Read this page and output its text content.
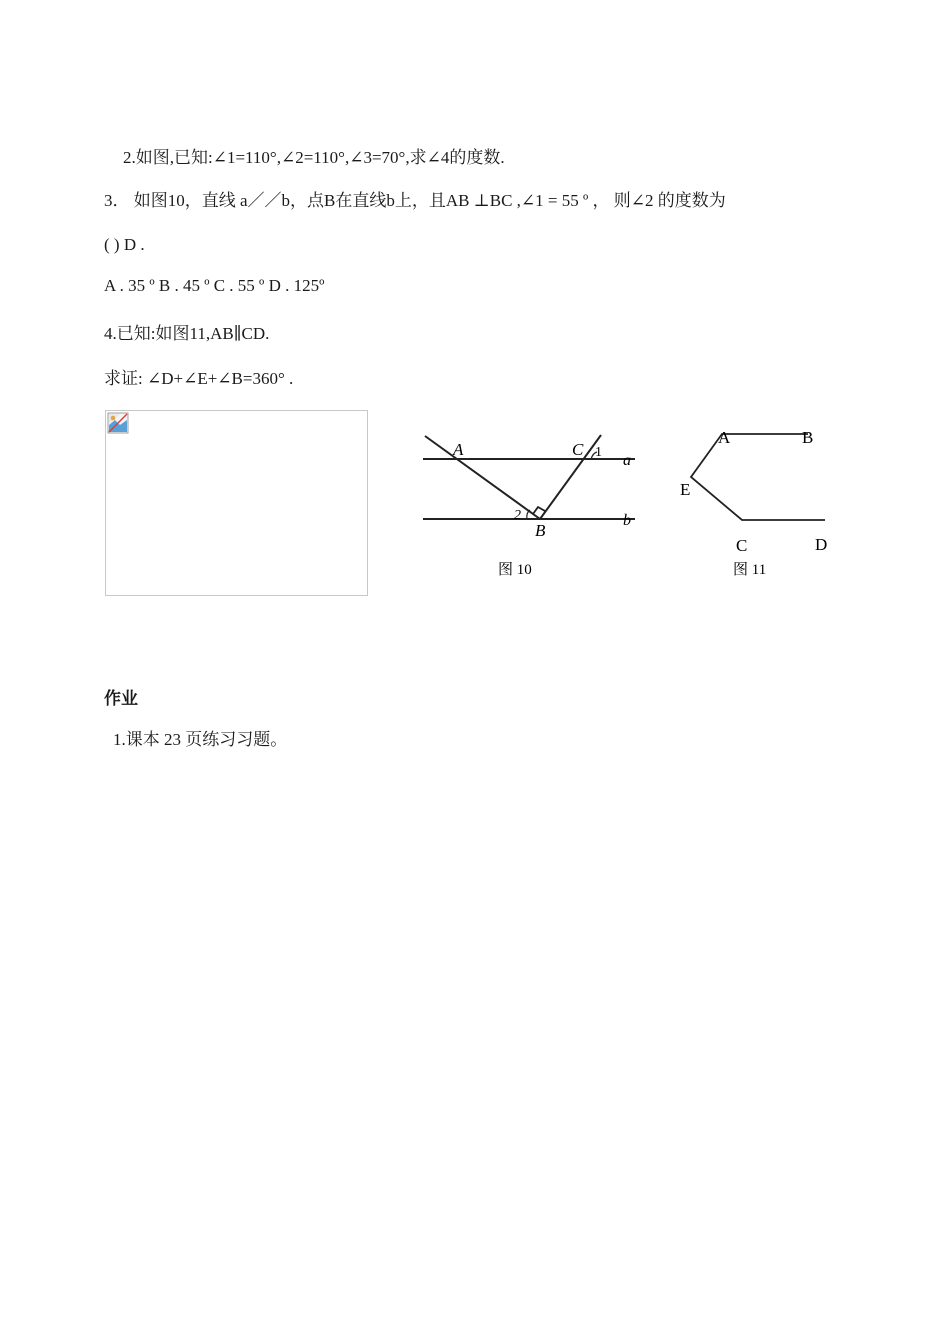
2.如图,已知:∠1=110°,∠2=110°,∠3=70°,求∠4的度数.
3． 如图10，直线 a／／b，点B在直线b上，且AB ⊥BC ,∠1 = 55 º ， 则∠2 的度数为
( ) D .
A . 35 º B . 45 º C . 55 º D . 125º
4.已知:如图11,AB∥CD.
求证: ∠D+∠E+∠B=360° .
A	C 1 a
2
B
b
图 10
A	B
E
C	D
图 11
作业
1.课本 23 页练习习题。
